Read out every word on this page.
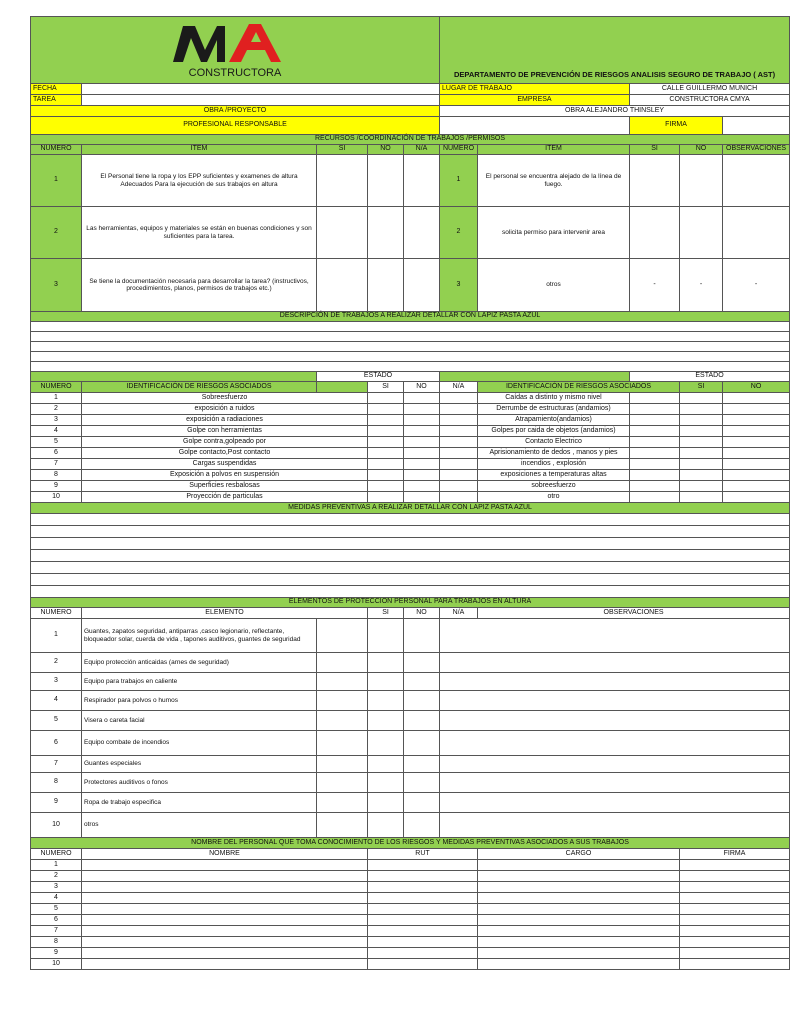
CONSTRUCTORA					DEPARTAMENTO DE PREVENCIÓN DE RIESGOS ANALISIS SEGURO DE TRABAJO ( AST)					
FECHA					LUGAR DE TRABAJO		CALLE GUILLERMO MUNICH			
TAREA					EMPRESA		CONSTRUCTORA CMYA			
OBRA /PROYECTO					OBRA ALEJANDRO THINSLEY					
PROFESIONAL RESPONSABLE							FIRMA			
RECURSOS /COORDINACIÓN DE TRABAJOS /PERMISOS										
NUMERO	ITEM	SI	NO	N/A	NUMERO	ITEM	SI	NO	OBSERVACIONES	
1	El Personal tiene la ropa y los EPP suficientes y examenes de altura Adecuados Para la ejecución de sus trabajos en altura				1	El personal se encuentra alejado de la línea de fuego.				
2	Las herramientas, equipos y materiales se están en buenas condiciones y son suficientes para la tarea.				2	solicita permiso para intervenir area				
3	Se tiene la documentación necesaria para desarrollar la tarea? (instructivos, procedimientos, planos, permisos de trabajos etc.)				3	otros	-	-	-	
DESCRIPCIÓN DE TRABAJOS A REALIZAR DETALLAR CON LAPIZ PASTA AZUL										

		ESTADO					ESTADO			
NUMERO	IDENTIFICACIÓN DE RIESGOS ASOCIADOS		SI	NO	N/A	IDENTIFICACIÓN DE RIESGOS ASOCIADOS		SI	NO	
1	Sobreesfuerzo					Caídas a distinto y mismo nivel				
2	exposición a ruidos					Derrumbe de estructuras (andamios)				
3	exposición a radiaciones					Atrapamiento(andamios)				
4	Golpe con herramientas					Golpes por caida de objetos (andamios)				
5	Golpe contra,golpeado por					Contacto Electrico				
6	Golpe contacto,Post contacto					Aprisionamiento de dedos , manos y pies				
7	Cargas suspendidas					incendios , explosión				
8	Exposición a polvos en suspensión					exposiciones a temperaturas altas				
9	Superficies resbalosas					sobreesfuerzo				
10	Proyección de particulas					otro				
MEDIDAS PREVENTIVAS A REALIZAR DETALLAR CON LAPIZ PASTA AZUL										

ELEMENTOS DE PROTECCION PERSONAL PARA TRABAJOS EN ALTURA										
NUMERO	ELEMENTO		SI	NO	N/A	OBSERVACIONES				
1	Guantes, zapatos seguridad, antiparras ,casco legionario, reflectante, bloqueador solar, cuerda de vida , tapones auditivos, guantes de seguridad									
2	Equipo protección anticaidas (arnes de seguridad)									
3	Equipo para trabajos en caliente									
4	Respirador para polvos o humos									
5	Visera o careta facial									
6	Equipo combate de incendios									
7	Guantes especiales									
8	Protectores auditivos o fonos									
9	Ropa de trabajo especifica									
10	otros									
NOMBRE DEL PERSONAL QUE TOMA CONOCIMIENTO DE LOS RIESGOS Y MEDIDAS PREVENTIVAS ASOCIADOS A SUS TRABAJOS										
NUMERO	NOMBRE		RUT			CARGO		FIRMA		
1										
2										
3										
4										
5										
6										
7										
8										
9										
10										
